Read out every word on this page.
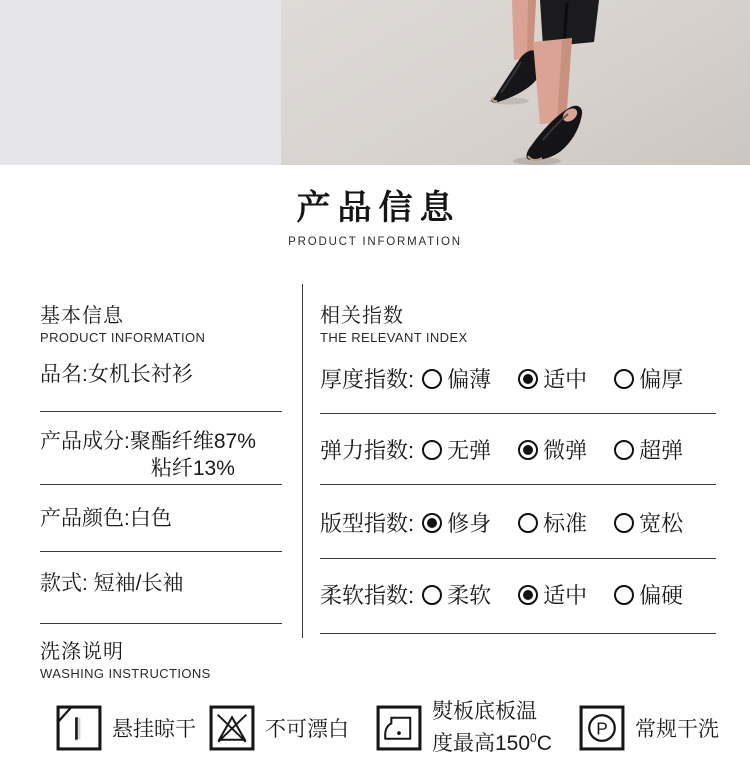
产品信息
PRODUCT INFORMATION
基本信息
PRODUCT INFORMATION
品名:女机长衬衫
产品成分: 聚酯纤维87%
粘纤13%
产品颜色:白色
款式: 短袖/长袖
洗涤说明
WASHING INSTRUCTIONS
相关指数
THE RELEVANT INDEX
厚度指数: 偏薄 适中 偏厚
弹力指数: 无弹 微弹 超弹
版型指数: 修身 标准 宽松
柔软指数: 柔软 适中 偏硬
悬挂晾干	不可漂白
熨板底板温
度最高$150^0C$
P 常规干洗
